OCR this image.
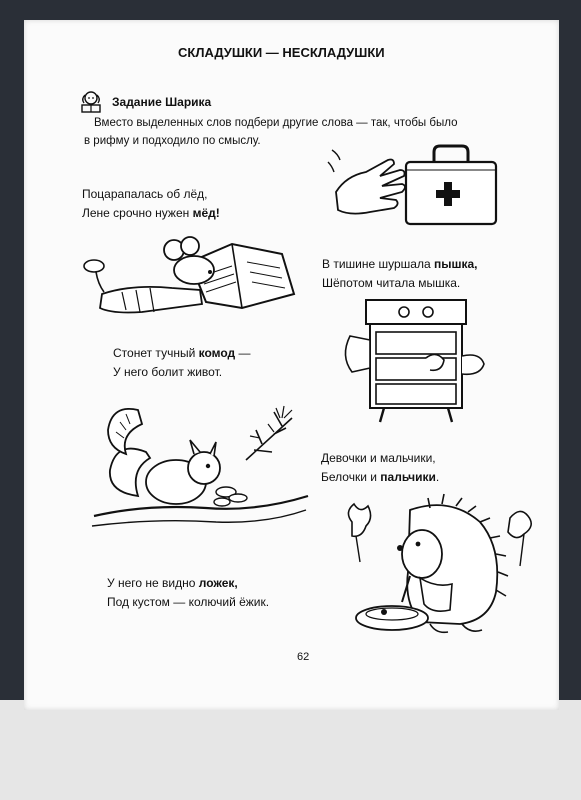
СКЛАДУШКИ — НЕСКЛАДУШКИ
Задание Шарика
Вместо выделенных слов подбери другие слова — так, чтобы было
в рифму и подходило по смыслу.
Поцарапалась об лёд,
Лене срочно нужен мёд!
В тишине шуршала пышка,
Шёпотом читала мышка.
Стонет тучный комод —
У него болит живот.
Девочки и мальчики,
Белочки и пальчики.
У него не видно ложек,
Под кустом — колючий ёжик.
62
